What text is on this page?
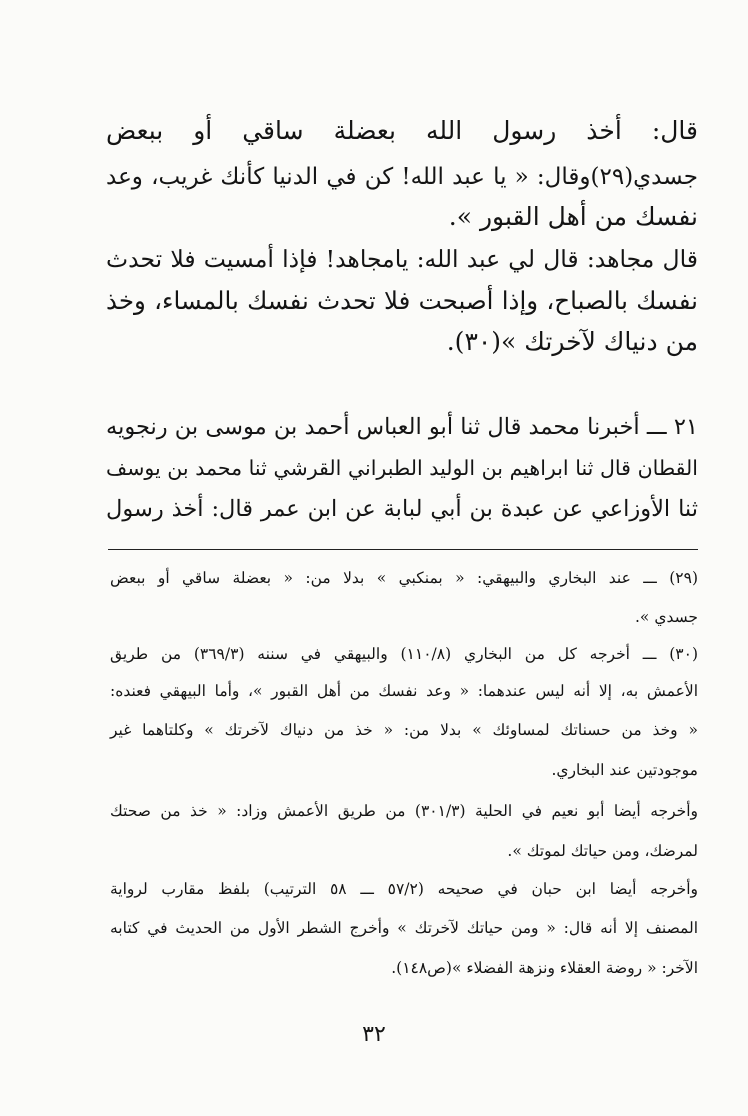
قال: أخذ رسول الله بعضلة ساقي أو ببعض
جسدي(٢٩)وقال: « يا عبد الله! كن في الدنيا كأنك غريب، وعد
نفسك من أهل القبور ».
قال مجاهد: قال لي عبد الله: يامجاهد! فإذا أمسيت فلا تحدث
نفسك بالصباح، وإذا أصبحت فلا تحدث نفسك بالمساء، وخذ
من دنياك لآخرتك »(٣٠).
٢١ ـــ أخبرنا محمد قال ثنا أبو العباس أحمد بن موسى بن رنجويه
القطان قال ثنا ابراهيم بن الوليد الطبراني القرشي ثنا محمد بن يوسف
ثنا الأوزاعي عن عبدة بن أبي لبابة عن ابن عمر قال: أخذ رسول
(٢٩) ـــ عند البخاري والبيهقي: « بمنكبي » بدلا من: « بعضلة ساقي أو ببعض
جسدي ».
(٣٠) ـــ أخرجه كل من البخاري (١١٠/٨) والبيهقي في سننه (٣٦٩/٣) من طريق
الأعمش به، إلا أنه ليس عندهما: « وعد نفسك من أهل القبور »، وأما البيهقي فعنده:
« وخذ من حسناتك لمساوئك » بدلا من: « خذ من دنياك لآخرتك » وكلتاهما غير
موجودتين عند البخاري.
وأخرجه أيضا أبو نعيم في الحلية (٣٠١/٣) من طريق الأعمش وزاد: « خذ من صحتك
لمرضك، ومن حياتك لموتك ».
وأخرجه أيضا ابن حبان في صحيحه (٥٧/٢ ـــ ٥٨ الترتيب) بلفظ مقارب لرواية
المصنف إلا أنه قال: « ومن حياتك لآخرتك » وأخرج الشطر الأول من الحديث في كتابه
الآخر: « روضة العقلاء ونزهة الفضلاء »(ص١٤٨).
٣٢
